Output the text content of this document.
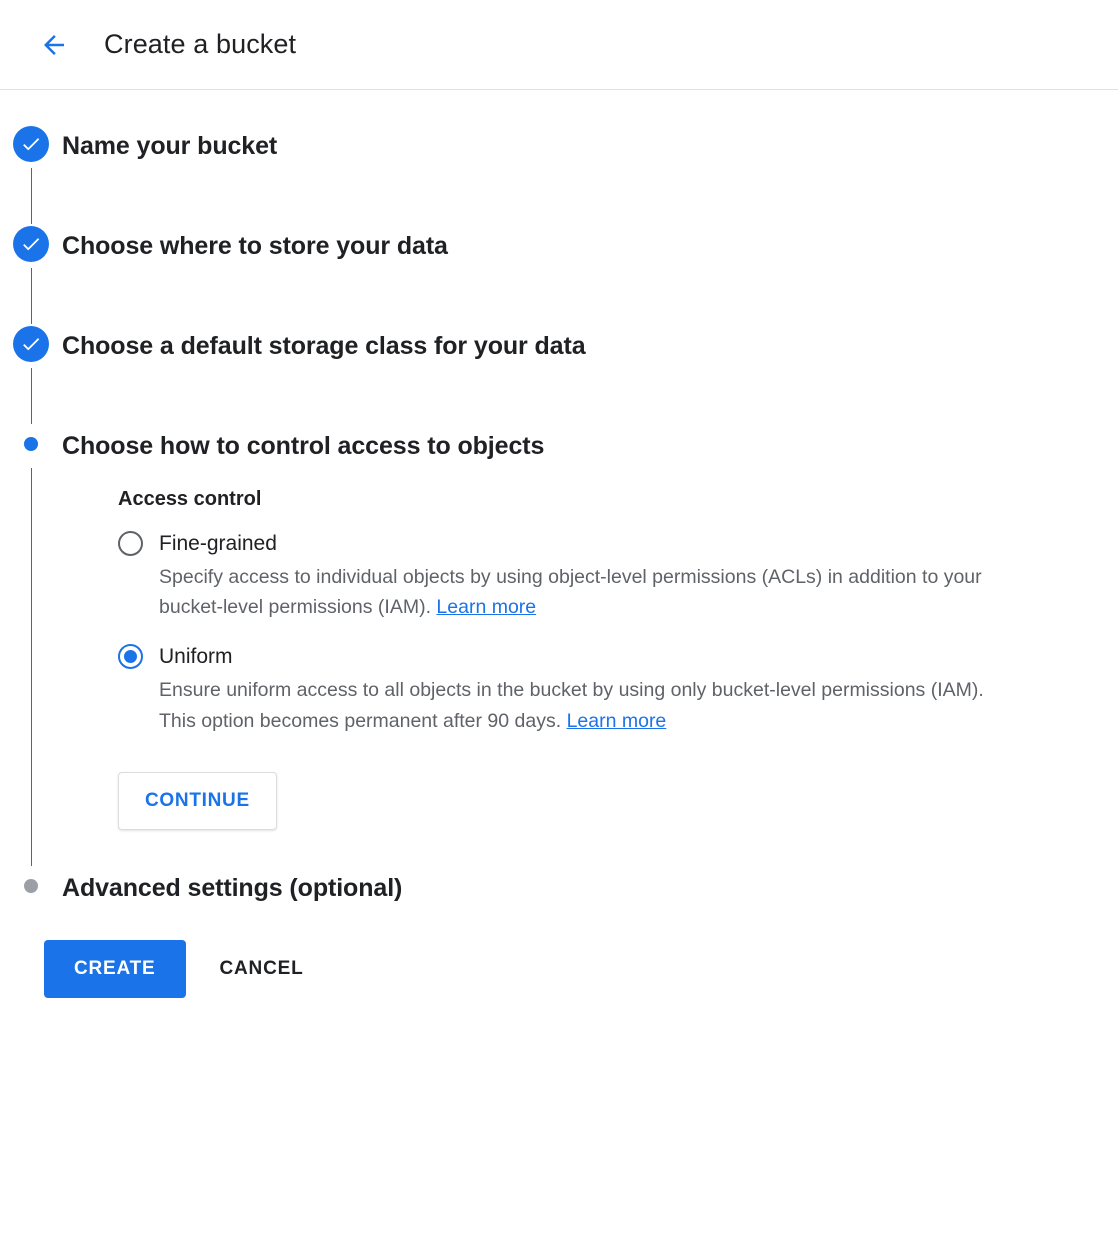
Create a bucket
Name your bucket
Choose where to store your data
Choose a default storage class for your data
Choose how to control access to objects
Access control
Fine-grained
Specify access to individual objects by using object-level permissions (ACLs) in addition to your bucket-level permissions (IAM). Learn more
Uniform
Ensure uniform access to all objects in the bucket by using only bucket-level permissions (IAM). This option becomes permanent after 90 days. Learn more
CONTINUE
Advanced settings (optional)
CREATE	CANCEL
